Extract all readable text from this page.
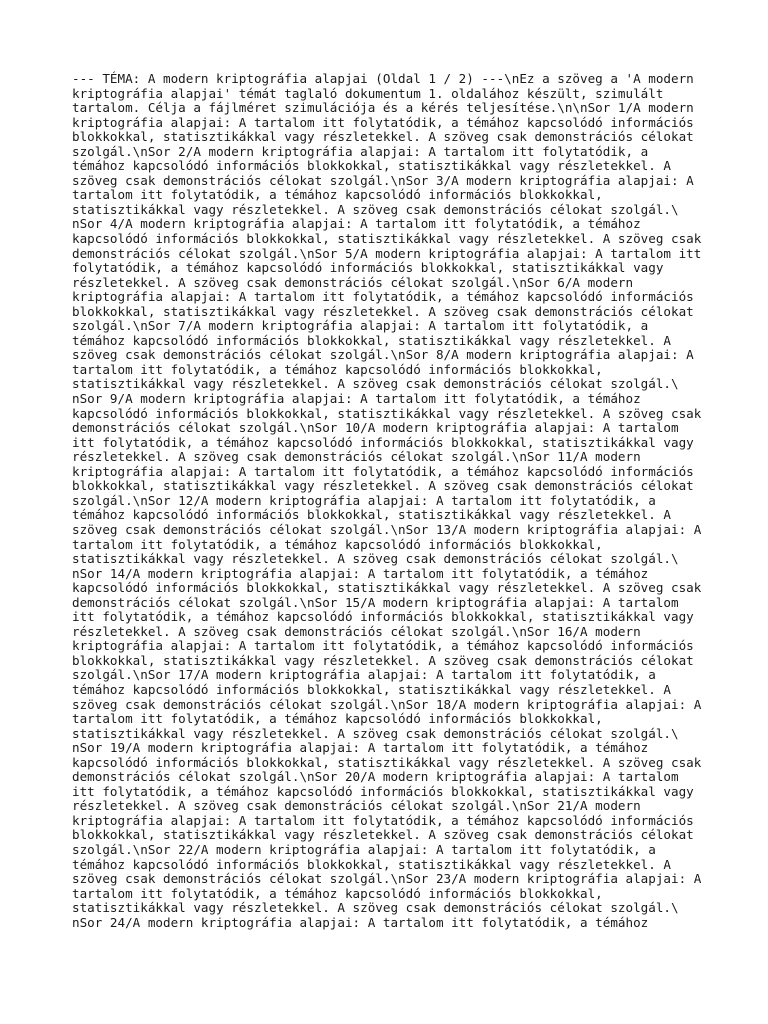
--- TÉMA: A modern kriptográfia alapjai (Oldal 1 / 2) ---\nEz a szöveg a 'A modern
kriptográfia alapjai' témát taglaló dokumentum 1. oldalához készült, szimulált
tartalom. Célja a fájlméret szimulációja és a kérés teljesítése.\n\nSor 1/A modern
kriptográfia alapjai: A tartalom itt folytatódik, a témához kapcsolódó információs
blokkokkal, statisztikákkal vagy részletekkel. A szöveg csak demonstrációs célokat
szolgál.\nSor 2/A modern kriptográfia alapjai: A tartalom itt folytatódik, a
témához kapcsolódó információs blokkokkal, statisztikákkal vagy részletekkel. A
szöveg csak demonstrációs célokat szolgál.\nSor 3/A modern kriptográfia alapjai: A
tartalom itt folytatódik, a témához kapcsolódó információs blokkokkal,
statisztikákkal vagy részletekkel. A szöveg csak demonstrációs célokat szolgál.\
nSor 4/A modern kriptográfia alapjai: A tartalom itt folytatódik, a témához
kapcsolódó információs blokkokkal, statisztikákkal vagy részletekkel. A szöveg csak
demonstrációs célokat szolgál.\nSor 5/A modern kriptográfia alapjai: A tartalom itt
folytatódik, a témához kapcsolódó információs blokkokkal, statisztikákkal vagy
részletekkel. A szöveg csak demonstrációs célokat szolgál.\nSor 6/A modern
kriptográfia alapjai: A tartalom itt folytatódik, a témához kapcsolódó információs
blokkokkal, statisztikákkal vagy részletekkel. A szöveg csak demonstrációs célokat
szolgál.\nSor 7/A modern kriptográfia alapjai: A tartalom itt folytatódik, a
témához kapcsolódó információs blokkokkal, statisztikákkal vagy részletekkel. A
szöveg csak demonstrációs célokat szolgál.\nSor 8/A modern kriptográfia alapjai: A
tartalom itt folytatódik, a témához kapcsolódó információs blokkokkal,
statisztikákkal vagy részletekkel. A szöveg csak demonstrációs célokat szolgál.\
nSor 9/A modern kriptográfia alapjai: A tartalom itt folytatódik, a témához
kapcsolódó információs blokkokkal, statisztikákkal vagy részletekkel. A szöveg csak
demonstrációs célokat szolgál.\nSor 10/A modern kriptográfia alapjai: A tartalom
itt folytatódik, a témához kapcsolódó információs blokkokkal, statisztikákkal vagy
részletekkel. A szöveg csak demonstrációs célokat szolgál.\nSor 11/A modern
kriptográfia alapjai: A tartalom itt folytatódik, a témához kapcsolódó információs
blokkokkal, statisztikákkal vagy részletekkel. A szöveg csak demonstrációs célokat
szolgál.\nSor 12/A modern kriptográfia alapjai: A tartalom itt folytatódik, a
témához kapcsolódó információs blokkokkal, statisztikákkal vagy részletekkel. A
szöveg csak demonstrációs célokat szolgál.\nSor 13/A modern kriptográfia alapjai: A
tartalom itt folytatódik, a témához kapcsolódó információs blokkokkal,
statisztikákkal vagy részletekkel. A szöveg csak demonstrációs célokat szolgál.\
nSor 14/A modern kriptográfia alapjai: A tartalom itt folytatódik, a témához
kapcsolódó információs blokkokkal, statisztikákkal vagy részletekkel. A szöveg csak
demonstrációs célokat szolgál.\nSor 15/A modern kriptográfia alapjai: A tartalom
itt folytatódik, a témához kapcsolódó információs blokkokkal, statisztikákkal vagy
részletekkel. A szöveg csak demonstrációs célokat szolgál.\nSor 16/A modern
kriptográfia alapjai: A tartalom itt folytatódik, a témához kapcsolódó információs
blokkokkal, statisztikákkal vagy részletekkel. A szöveg csak demonstrációs célokat
szolgál.\nSor 17/A modern kriptográfia alapjai: A tartalom itt folytatódik, a
témához kapcsolódó információs blokkokkal, statisztikákkal vagy részletekkel. A
szöveg csak demonstrációs célokat szolgál.\nSor 18/A modern kriptográfia alapjai: A
tartalom itt folytatódik, a témához kapcsolódó információs blokkokkal,
statisztikákkal vagy részletekkel. A szöveg csak demonstrációs célokat szolgál.\
nSor 19/A modern kriptográfia alapjai: A tartalom itt folytatódik, a témához
kapcsolódó információs blokkokkal, statisztikákkal vagy részletekkel. A szöveg csak
demonstrációs célokat szolgál.\nSor 20/A modern kriptográfia alapjai: A tartalom
itt folytatódik, a témához kapcsolódó információs blokkokkal, statisztikákkal vagy
részletekkel. A szöveg csak demonstrációs célokat szolgál.\nSor 21/A modern
kriptográfia alapjai: A tartalom itt folytatódik, a témához kapcsolódó információs
blokkokkal, statisztikákkal vagy részletekkel. A szöveg csak demonstrációs célokat
szolgál.\nSor 22/A modern kriptográfia alapjai: A tartalom itt folytatódik, a
témához kapcsolódó információs blokkokkal, statisztikákkal vagy részletekkel. A
szöveg csak demonstrációs célokat szolgál.\nSor 23/A modern kriptográfia alapjai: A
tartalom itt folytatódik, a témához kapcsolódó információs blokkokkal,
statisztikákkal vagy részletekkel. A szöveg csak demonstrációs célokat szolgál.\
nSor 24/A modern kriptográfia alapjai: A tartalom itt folytatódik, a témához
